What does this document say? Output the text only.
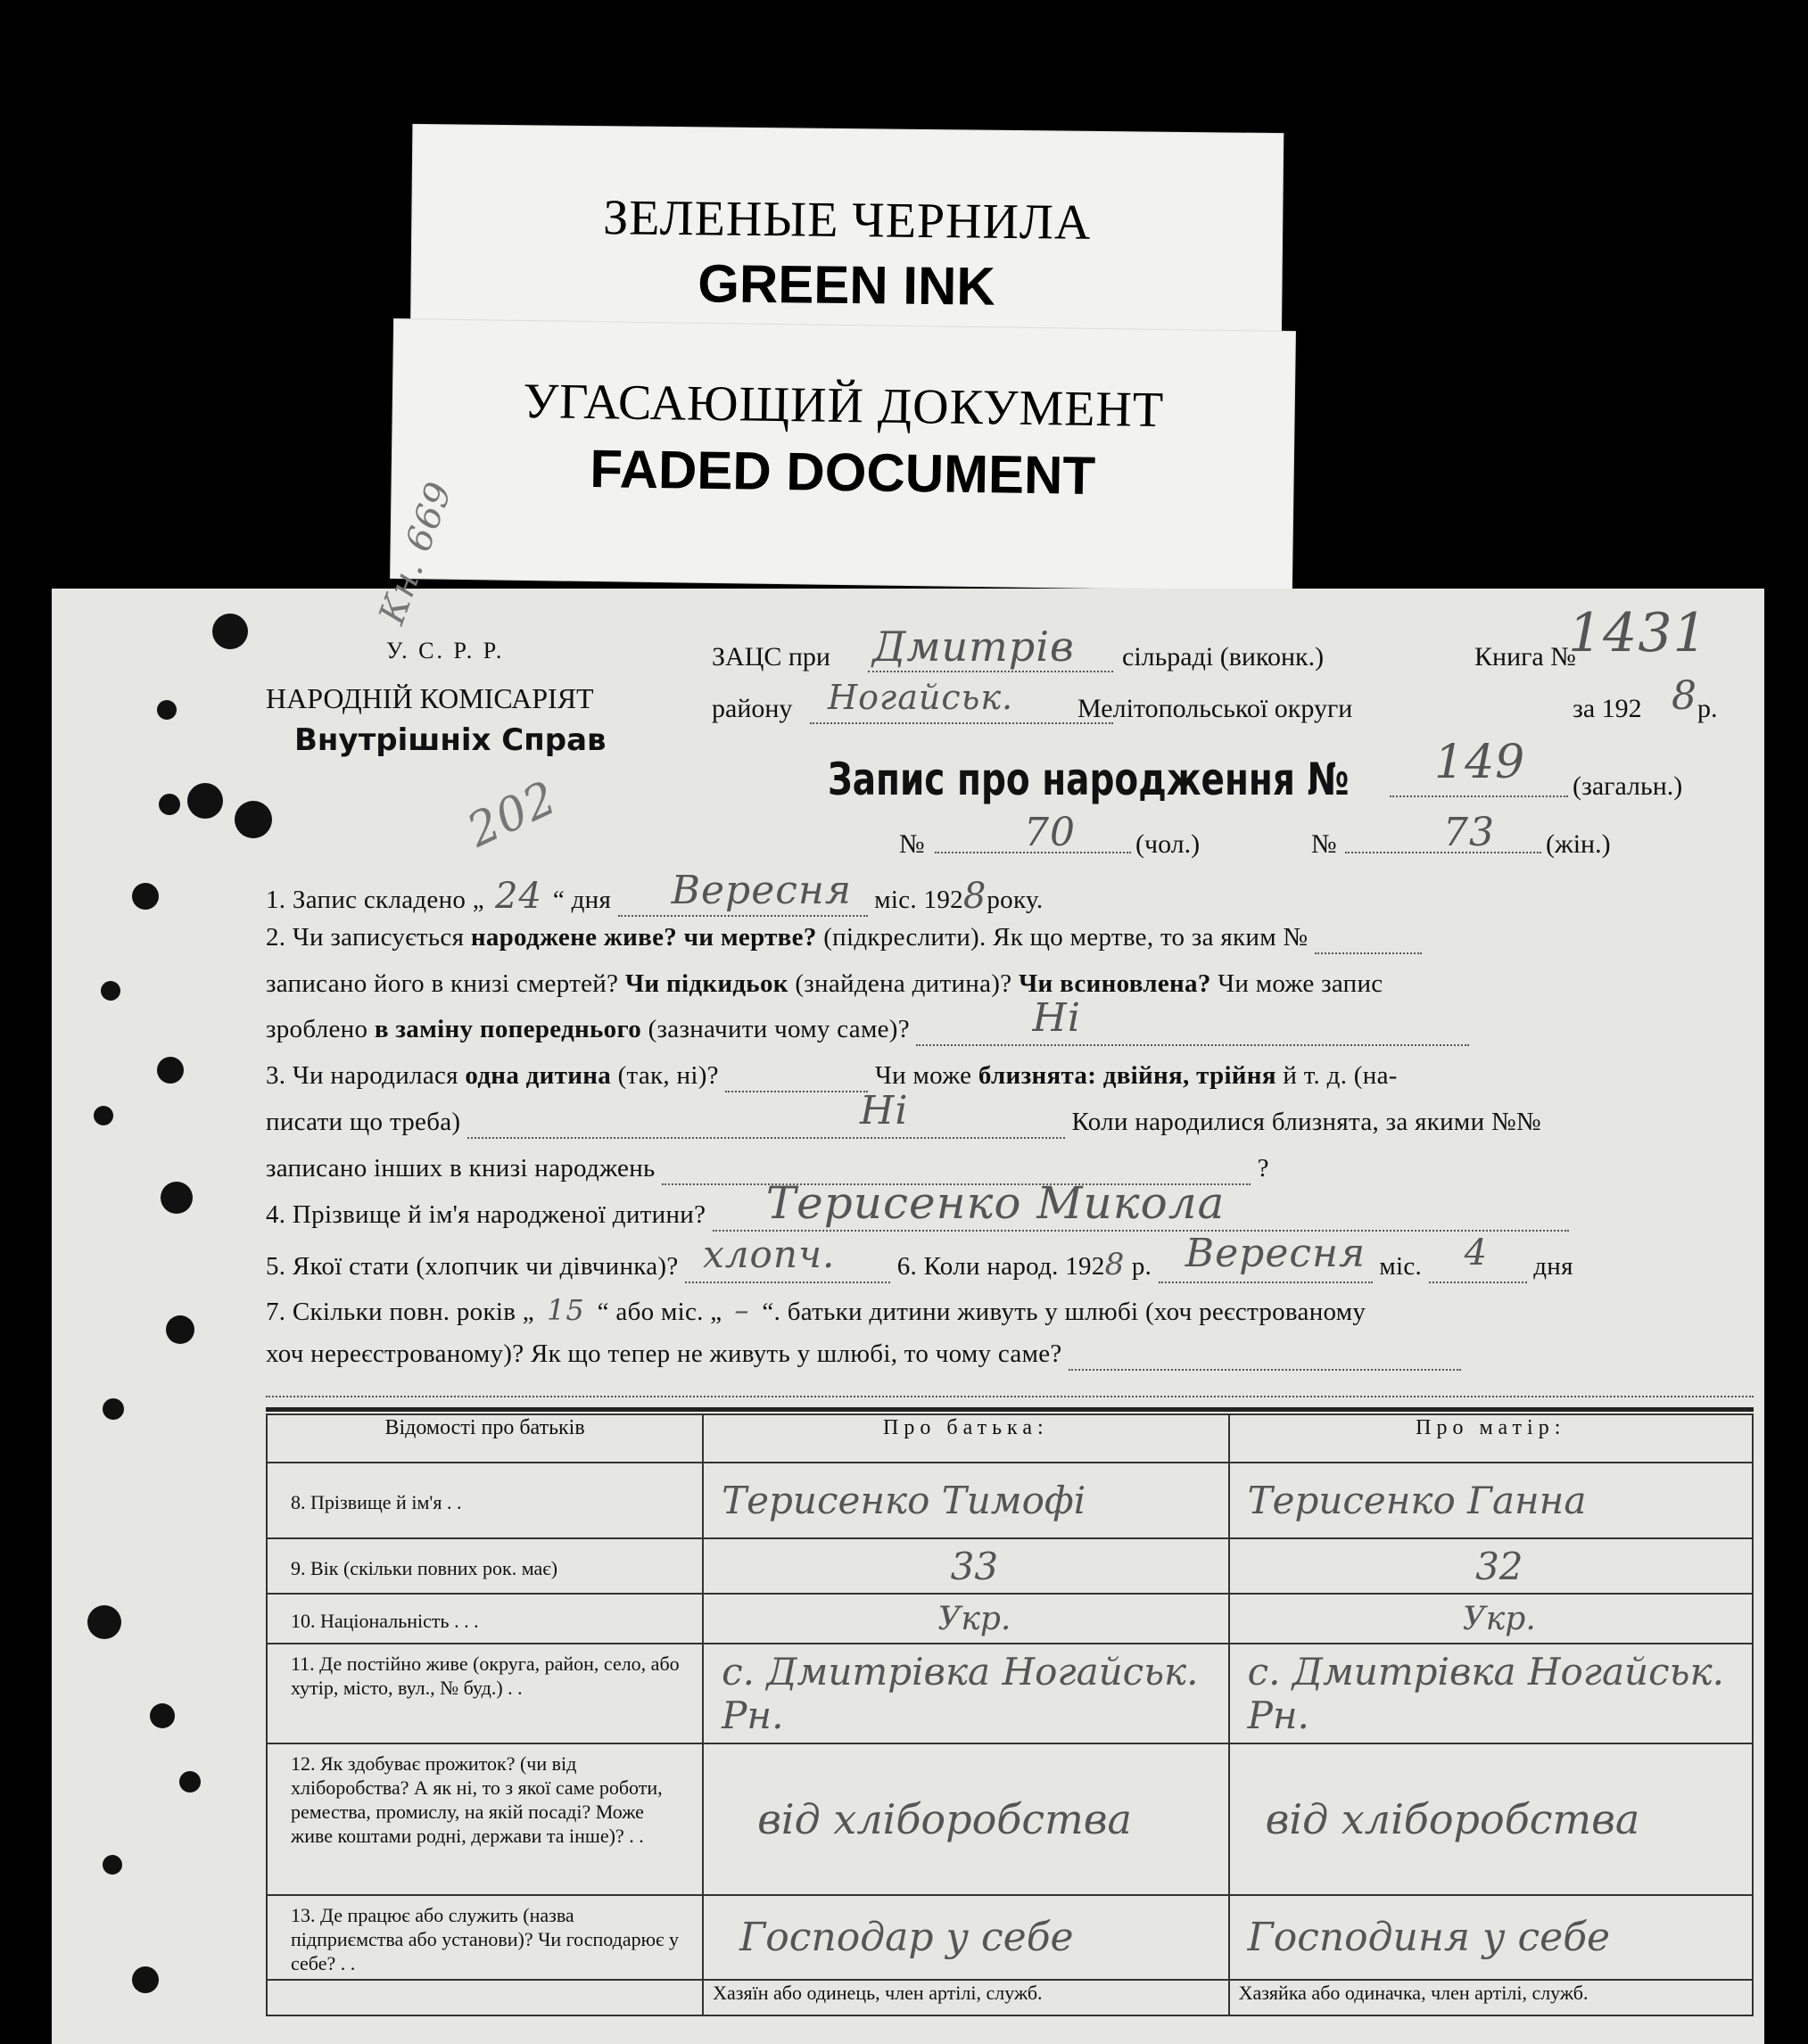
ЗЕЛЕНЫЕ ЧЕРНИЛА
GREEN INK
УГАСАЮЩИЙ ДОКУМЕНТ
FADED DOCUMENT
У. С. Р. Р.
НАРОДНІЙ КОМІСАРІЯТ
Внутрішніх Справ
Кн. 669
202
ЗАЦС при Дмитрів сільраді (виконк.)	Книга №
1431
району Ногайськ. Мелітопольської округи	за 192 8 р.
Запис про народження № 149 (загальн.)
№	70 (чол.)	№	73 (жін.)
1. Запис складено „ 24 “ дня Вересня міс. 1928року.
2. Чи записується народжене живе? чи мертве? (підкреслити). Як що мертве, то за яким №
записано його в книзі смертей? Чи підкидьок (знайдена дитина)? Чи всиновлена? Чи може запис
зроблено в заміну попереднього (зазначити чому саме)?	Ні

3. Чи народилася одна дитина (так, ні)?	Чи може близнята: двійня, трійня й т. д. (на-
писати що треба)	Ні	Коли народилися близнята, за якими №№
записано інших в книзі народжень	?
4. Прізвище й ім'я народженої дитини? Терисенко Микола

5. Якої стати (хлопчик чи дівчинка)? хлопч. 6. Коли народ. 1928 р. Вересня міс. 4 дня
7. Скільки повн. років „ 15 “ або міс. „ – “. батьки дитини живуть у шлюбі (хоч реєстрованому
хоч нереєстрованому)? Як що тепер не живуть у шлюбі, то чому саме?
Відомості про батьків	Про батька:	Про матір:
8. Прізвище й ім'я . .	Терисенко Тимофі	Терисенко Ганна
9. Вік (скільки повних рок. має)	33	32
10. Національність . . .	Укр.	Укр.
11. Де постійно живе (округа, район, село, або хутір, місто, вул., № буд.) . .	с. Дмитрівка Ногайськ. Рн.	с. Дмитрівка Ногайськ. Рн.
12. Як здобуває прожиток? (чи від хліборобства? А як ні, то з якої саме роботи, ремества, промислу, на якій посаді? Може живе коштами родні, держави та інше)? . .	від хліборобства	від хліборобства
13. Де працює або служить (назва підприємства або установи)? Чи господарює у себе? . .	Господар у себе	Господиня у себе
	Хазяїн або одинець, член артілі, служб.	Хазяйка або одиначка, член артілі, служб.
